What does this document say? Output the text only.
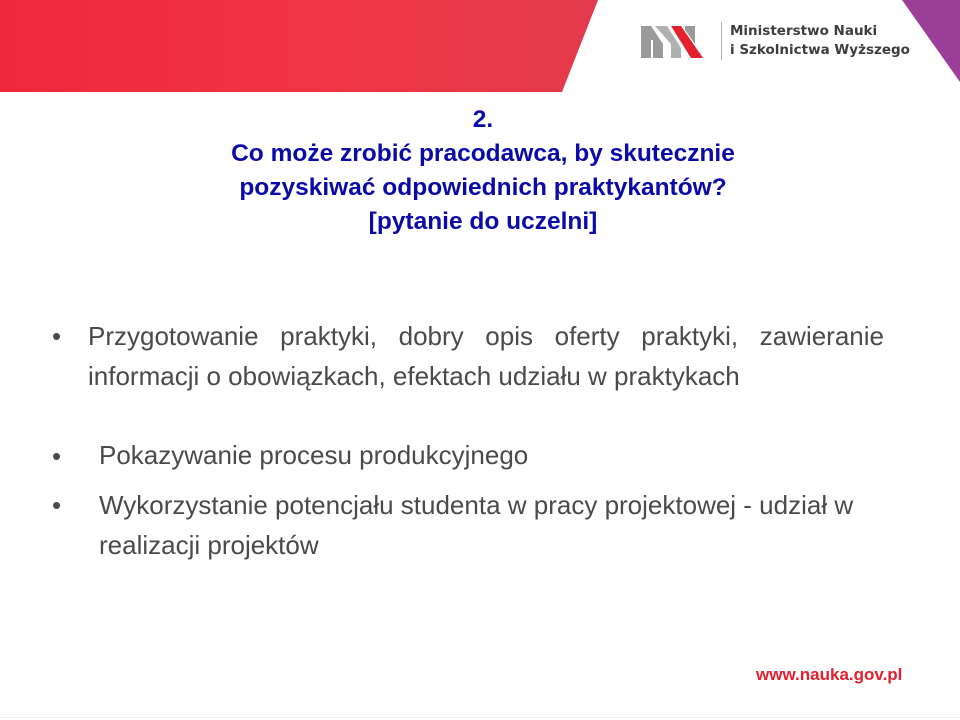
Ministerstwo Nauki
i Szkolnictwa Wyższego
2.
Co może zrobić pracodawca, by skutecznie
pozyskiwać odpowiednich praktykantów?
[pytanie do uczelni]
• Przygotowanie praktyki, dobry opis oferty praktyki, zawieranie informacji o obowiązkach, efektach udziału w praktykach
• Pokazywanie procesu produkcyjnego
• Wykorzystanie potencjału studenta w pracy projektowej - udział w realizacji projektów
www.nauka.gov.pl
